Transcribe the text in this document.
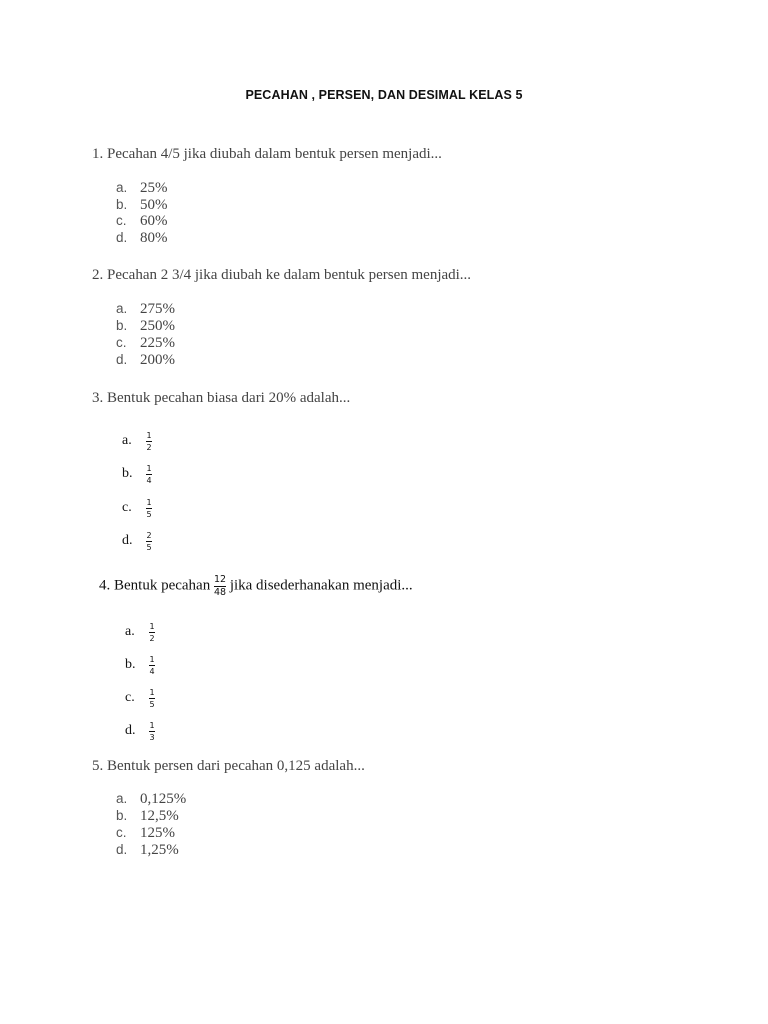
PECAHAN , PERSEN, DAN DESIMAL KELAS 5
1. Pecahan 4/5 jika diubah dalam bentuk persen menjadi...
a. 25%
b. 50%
c. 60%
d. 80%
2. Pecahan 2 3/4 jika diubah ke dalam bentuk persen menjadi...
a. 275%
b. 250%
c. 225%
d. 200%
3. Bentuk pecahan biasa dari 20% adalah...
a. $\frac{1}{2}$
b. $\frac{1}{4}$
c. $\frac{1}{5}$
d. $\frac{2}{5}$
4. Bentuk pecahan $\frac{12}{48}$ jika disederhanakan menjadi...
a. $\frac{1}{2}$
b. $\frac{1}{4}$
c. $\frac{1}{5}$
d. $\frac{1}{3}$
5. Bentuk persen dari pecahan 0,125 adalah...
a. 0,125%
b. 12,5%
c. 125%
d. 1,25%
